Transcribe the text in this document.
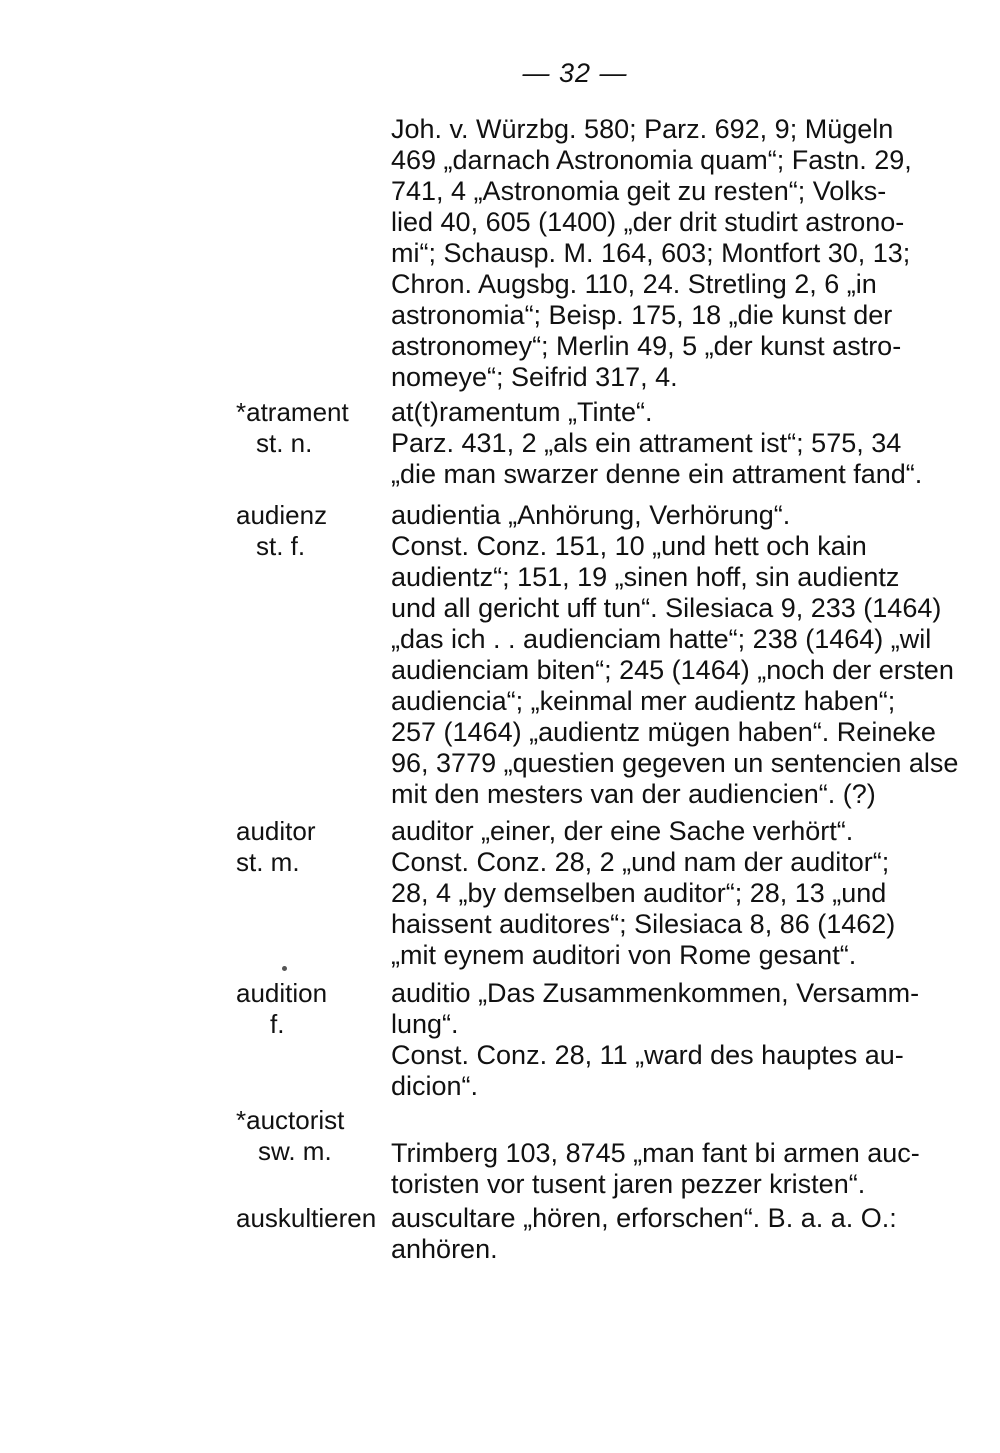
— 32 —
Joh. v. Würzbg. 580; Parz. 692, 9; Mügeln
469 „darnach Astronomia quam“; Fastn. 29,
741, 4 „Astronomia geit zu resten“; Volks-
lied 40, 605 (1400) „der drit studirt astrono-
mi“; Schausp. M. 164, 603; Montfort 30, 13;
Chron. Augsbg. 110, 24. Stretling 2, 6 „in
astronomia“; Beisp. 175, 18 „die kunst der
astronomey“; Merlin 49, 5 „der kunst astro-
nomeye“; Seifrid 317, 4.
*atrament
st. n.
at(t)ramentum „Tinte“.
Parz. 431, 2 „als ein attrament ist“; 575, 34
„die man swarzer denne ein attrament fand“.
audienz
st. f.
audientia „Anhörung, Verhörung“.
Const. Conz. 151, 10 „und hett och kain
audientz“; 151, 19 „sinen hoff, sin audientz
und all gericht uff tun“. Silesiaca 9, 233 (1464)
„das ich . . audienciam hatte“; 238 (1464) „wil
audienciam biten“; 245 (1464) „noch der ersten
audiencia“; „keinmal mer audientz haben“;
257 (1464) „audientz mügen haben“. Reineke
96, 3779 „questien gegeven un sentencien alse
mit den mesters van der audiencien“. (?)
auditor
st. m.
auditor „einer, der eine Sache verhört“.
Const. Conz. 28, 2 „und nam der auditor“;
28, 4 „by demselben auditor“; 28, 13 „und
haissent auditores“; Silesiaca 8, 86 (1462)
„mit eynem auditori von Rome gesant“.
audition
f.
auditio „Das Zusammenkommen, Versamm-
lung“.
Const. Conz. 28, 11 „ward des hauptes au-
dicion“.
*auctorist
sw. m.	Trimberg 103, 8745 „man fant bi armen auc-
toristen vor tusent jaren pezzer kristen“.
auskultieren auscultare „hören, erforschen“. B. a. a. O.:
anhören.
